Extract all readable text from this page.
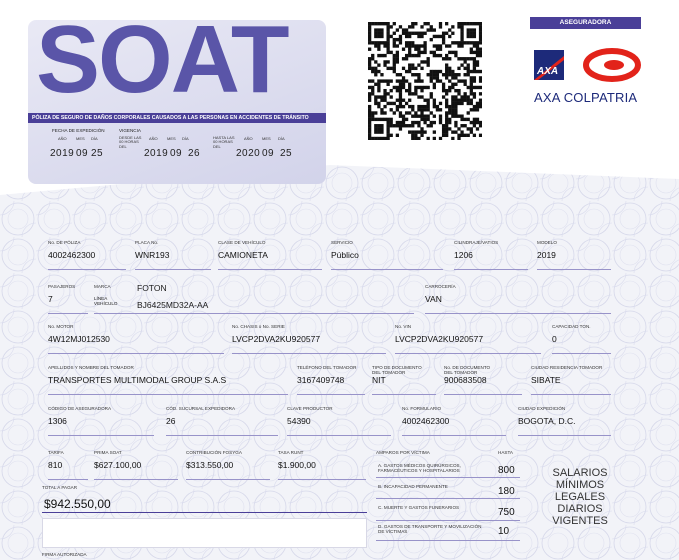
SOAT
PÓLIZA DE SEGURO DE DAÑOS CORPORALES CAUSADOS A LAS PERSONAS EN ACCIDENTES DE TRÁNSITO
FECHA DE EXPEDICIÓN	VIGENCIA
AÑO MES DÍA	DESDE LAS 00 HORAS DEL
AÑO MES DÍA	HASTA LAS 00 HORAS DEL
AÑO MES DÍA
2019 09 25	2019 09 26	2020 09 25
ASEGURADORA
AXA
AXA COLPATRIA
No. DE PÓLIZA
4002462300
PLACA No.
WNR193
CLASE DE VEHÍCULO
CAMIONETA
SERVICIO
Público
CILINDRAJE/VATIOS
1206
MODELO
2019
PASAJEROS
7
MARCA	FOTON
LÍNEA VEHÍCULO BJ6425MD32A-AA
CARROCERÍA
VAN
No. MOTOR
4W12MJ012530
No. CHASIS o No. SERIE
LVCP2DVA2KU920577
No. VIN
LVCP2DVA2KU920577
CAPACIDAD TON.
0
APELLIDOS Y NOMBRE DEL TOMADOR
TRANSPORTES MULTIMODAL GROUP S.A.S
TELÉFONO DEL TOMADOR
3167409748
TIPO DE DOCUMENTO DEL TOMADOR
NIT
No. DE DOCUMENTO DEL TOMADOR
900683508
CIUDAD RESIDENCIA TOMADOR
SIBATE
CÓDIGO DE ASEGURADORA
1306
CÓD. SUCURSAL EXPEDIDORA
26
CLAVE PRODUCTOR
54390
No. FORMULARIO
4002462300
CIUDAD EXPEDICIÓN
BOGOTA, D.C.
TARIFA
810
PRIMA SOAT
$627.100,00
CONTRIBUCIÓN FOSYGA
$313.550,00
TASA RUNT
$1.900,00
TOTAL A PAGAR
$942.550,00
FIRMA AUTORIZADA
AMPAROS POR VÍCTIMA	HASTA
A. GASTOS MÉDICOS QUIRÚRGICOS, FARMACÉUTICOS Y HOSPITALARIOS	800
B. INCAPACIDAD PERMANENTE	180
C. MUERTE Y GASTOS FUNERARIOS	750
D. GASTOS DE TRANSPORTE Y MOVILIZACIÓN DE VÍCTIMAS	10
SALARIOS MÍNIMOS LEGALES DIARIOS VIGENTES
